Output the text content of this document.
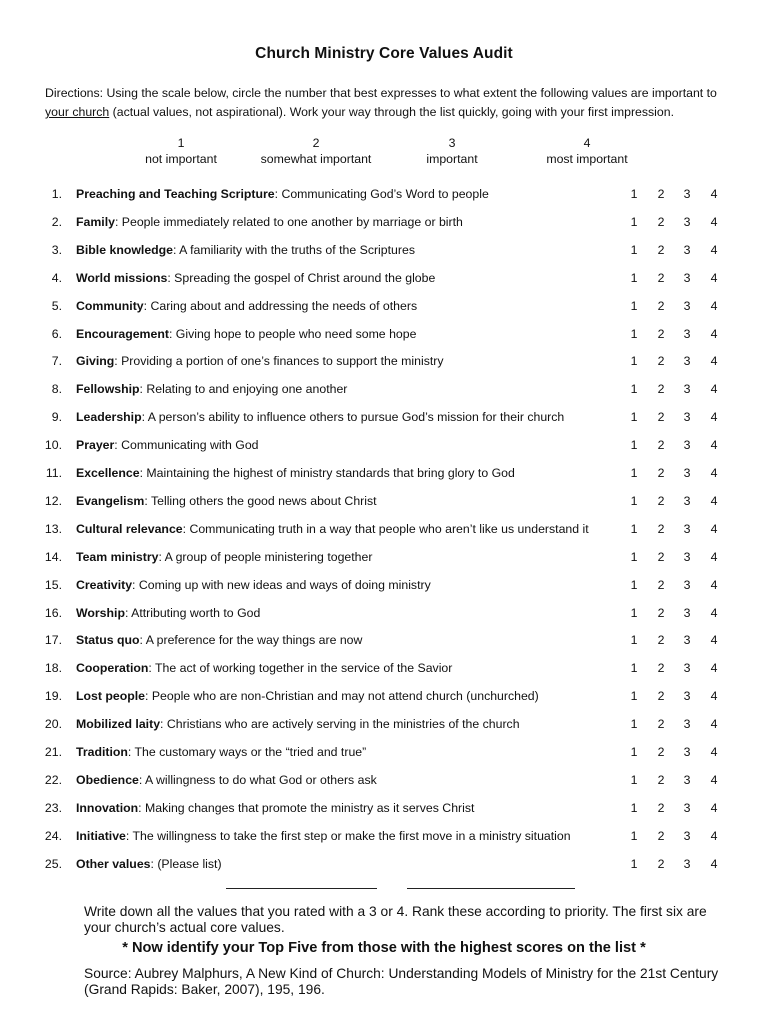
Church Ministry Core Values Audit
Directions: Using the scale below, circle the number that best expresses to what extent the following values are important to your church (actual values, not aspirational). Work your way through the list quickly, going with your first impression.
1
not important
2
somewhat important
3
important
4
most important
1. Preaching and Teaching Scripture: Communicating God’s Word to people	1 2 3 4
2. Family: People immediately related to one another by marriage or birth	1 2 3 4
3. Bible knowledge: A familiarity with the truths of the Scriptures	1 2 3 4
4. World missions: Spreading the gospel of Christ around the globe	1 2 3 4
5. Community: Caring about and addressing the needs of others	1 2 3 4
6. Encouragement: Giving hope to people who need some hope	1 2 3 4
7. Giving: Providing a portion of one’s finances to support the ministry	1 2 3 4
8. Fellowship: Relating to and enjoying one another	1 2 3 4
9. Leadership: A person’s ability to influence others to pursue God’s mission for their church	1 2 3 4
10. Prayer: Communicating with God	1 2 3 4
11. Excellence: Maintaining the highest of ministry standards that bring glory to God	1 2 3 4
12. Evangelism: Telling others the good news about Christ	1 2 3 4
13. Cultural relevance: Communicating truth in a way that people who aren’t like us understand it	1 2 3 4
14. Team ministry: A group of people ministering together	1 2 3 4
15. Creativity: Coming up with new ideas and ways of doing ministry	1 2 3 4
16. Worship: Attributing worth to God	1 2 3 4
17. Status quo: A preference for the way things are now	1 2 3 4
18. Cooperation: The act of working together in the service of the Savior	1 2 3 4
19. Lost people: People who are non-Christian and may not attend church (unchurched)	1 2 3 4
20. Mobilized laity: Christians who are actively serving in the ministries of the church	1 2 3 4
21. Tradition: The customary ways or the “tried and true”	1 2 3 4
22. Obedience: A willingness to do what God or others ask	1 2 3 4
23. Innovation: Making changes that promote the ministry as it serves Christ	1 2 3 4
24. Initiative: The willingness to take the first step or make the first move in a ministry situation	1 2 3 4
25. Other values: (Please list)	1 2 3 4
Write down all the values that you rated with a 3 or 4. Rank these according to priority. The first six are your church’s actual core values.
* Now identify your Top Five from those with the highest scores on the list *
Source: Aubrey Malphurs, A New Kind of Church: Understanding Models of Ministry for the 21st Century (Grand Rapids: Baker, 2007), 195, 196.
